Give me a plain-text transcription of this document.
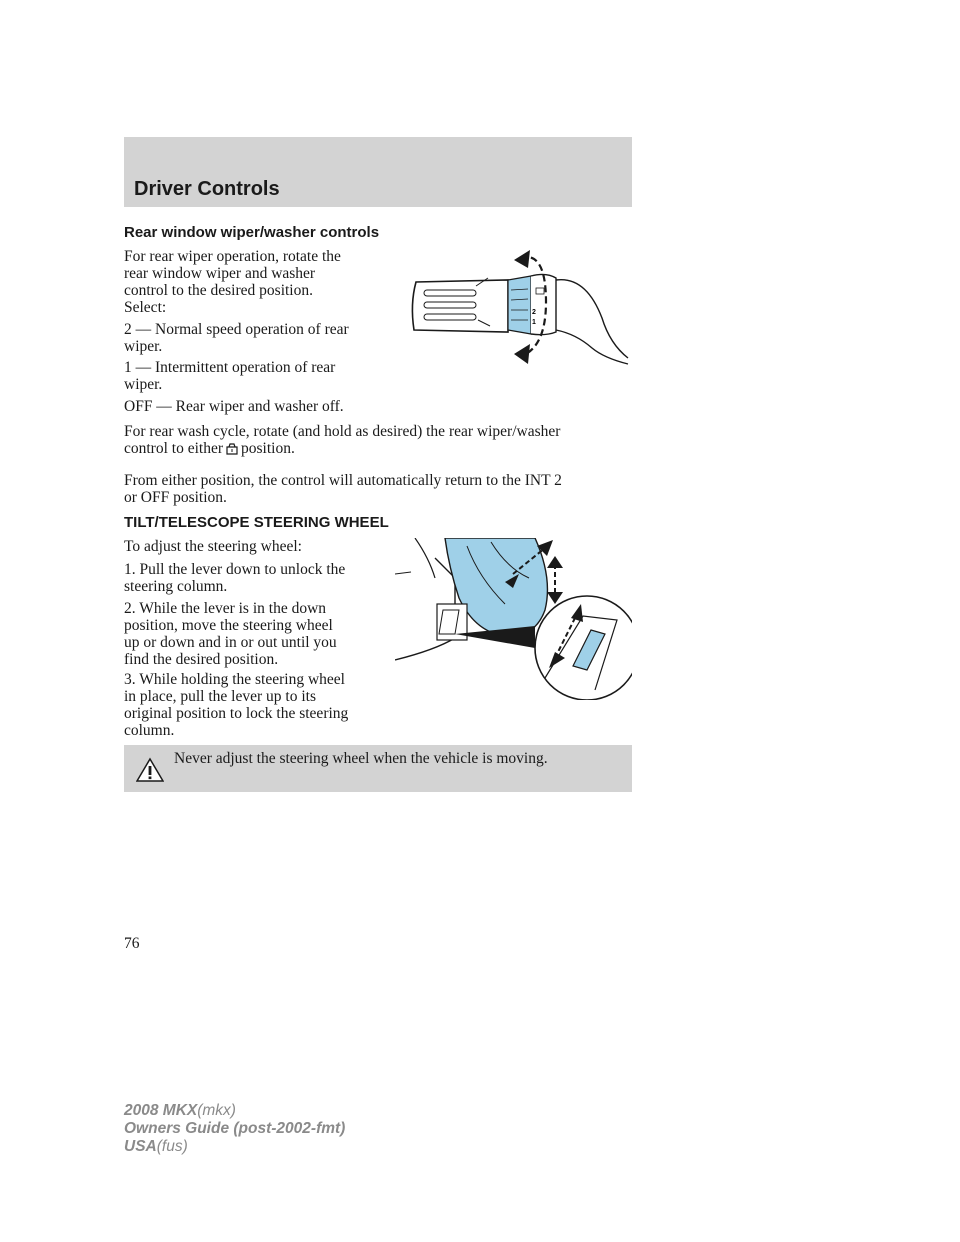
Driver Controls
Rear window wiper/washer controls
For rear wiper operation, rotate the
rear window wiper and washer
control to the desired position.
Select:
2 — Normal speed operation of rear
wiper.
1 — Intermittent operation of rear
wiper.
OFF — Rear wiper and washer off.
For rear wash cycle, rotate (and hold as desired) the rear wiper/washer
control to either position.
From either position, the control will automatically return to the INT 2
or OFF position.
2
1
TILT/TELESCOPE STEERING WHEEL
To adjust the steering wheel:
1. Pull the lever down to unlock the
steering column.
2. While the lever is in the down
position, move the steering wheel
up or down and in or out until you
find the desired position.
3. While holding the steering wheel
in place, pull the lever up to its
original position to lock the steering
column.
Never adjust the steering wheel when the vehicle is moving.
76
2008 MKX(mkx)
Owners Guide (post-2002-fmt)
USA(fus)
